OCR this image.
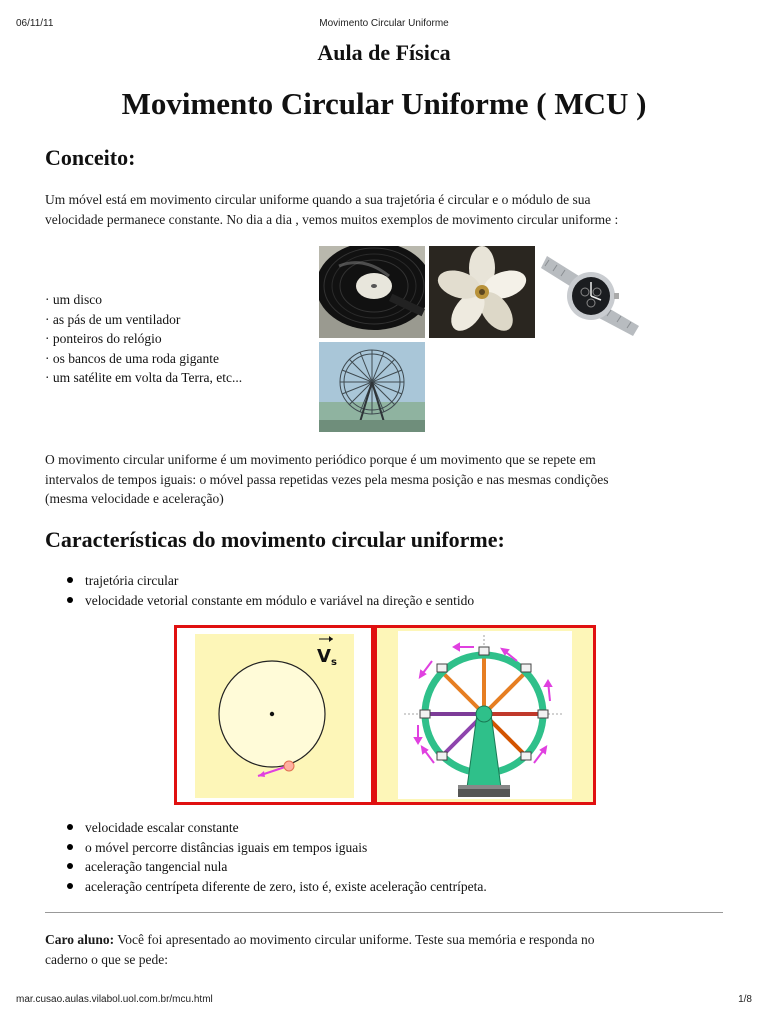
06/11/11	Movimento Circular Uniforme
Aula de Física
Movimento Circular Uniforme ( MCU )
Conceito:
Um móvel está em movimento circular uniforme quando a sua trajetória é circular e o módulo de sua
velocidade permanece constante. No dia a dia , vemos muitos exemplos de movimento circular uniforme :
· um disco
· as pás de um ventilador
· ponteiros do relógio
· os bancos de uma roda gigante
· um satélite em volta da Terra, etc...
O movimento circular uniforme é um movimento periódico porque é um movimento que se repete em
intervalos de tempos iguais: o móvel passa repetidas vezes pela mesma posição e nas mesmas condições
(mesma velocidade e aceleração)
Características do movimento circular uniforme:
trajetória circular
velocidade vetorial constante em módulo e variável na direção e sentido
V s
velocidade escalar constante
o móvel percorre distâncias iguais em tempos iguais
aceleração tangencial nula
aceleração centrípeta diferente de zero, isto é, existe aceleração centrípeta.
Caro aluno: Você foi apresentado ao movimento circular uniforme. Teste sua memória e responda no
caderno o que se pede:
mar.cusao.aulas.vilabol.uol.com.br/mcu.html	1/8
